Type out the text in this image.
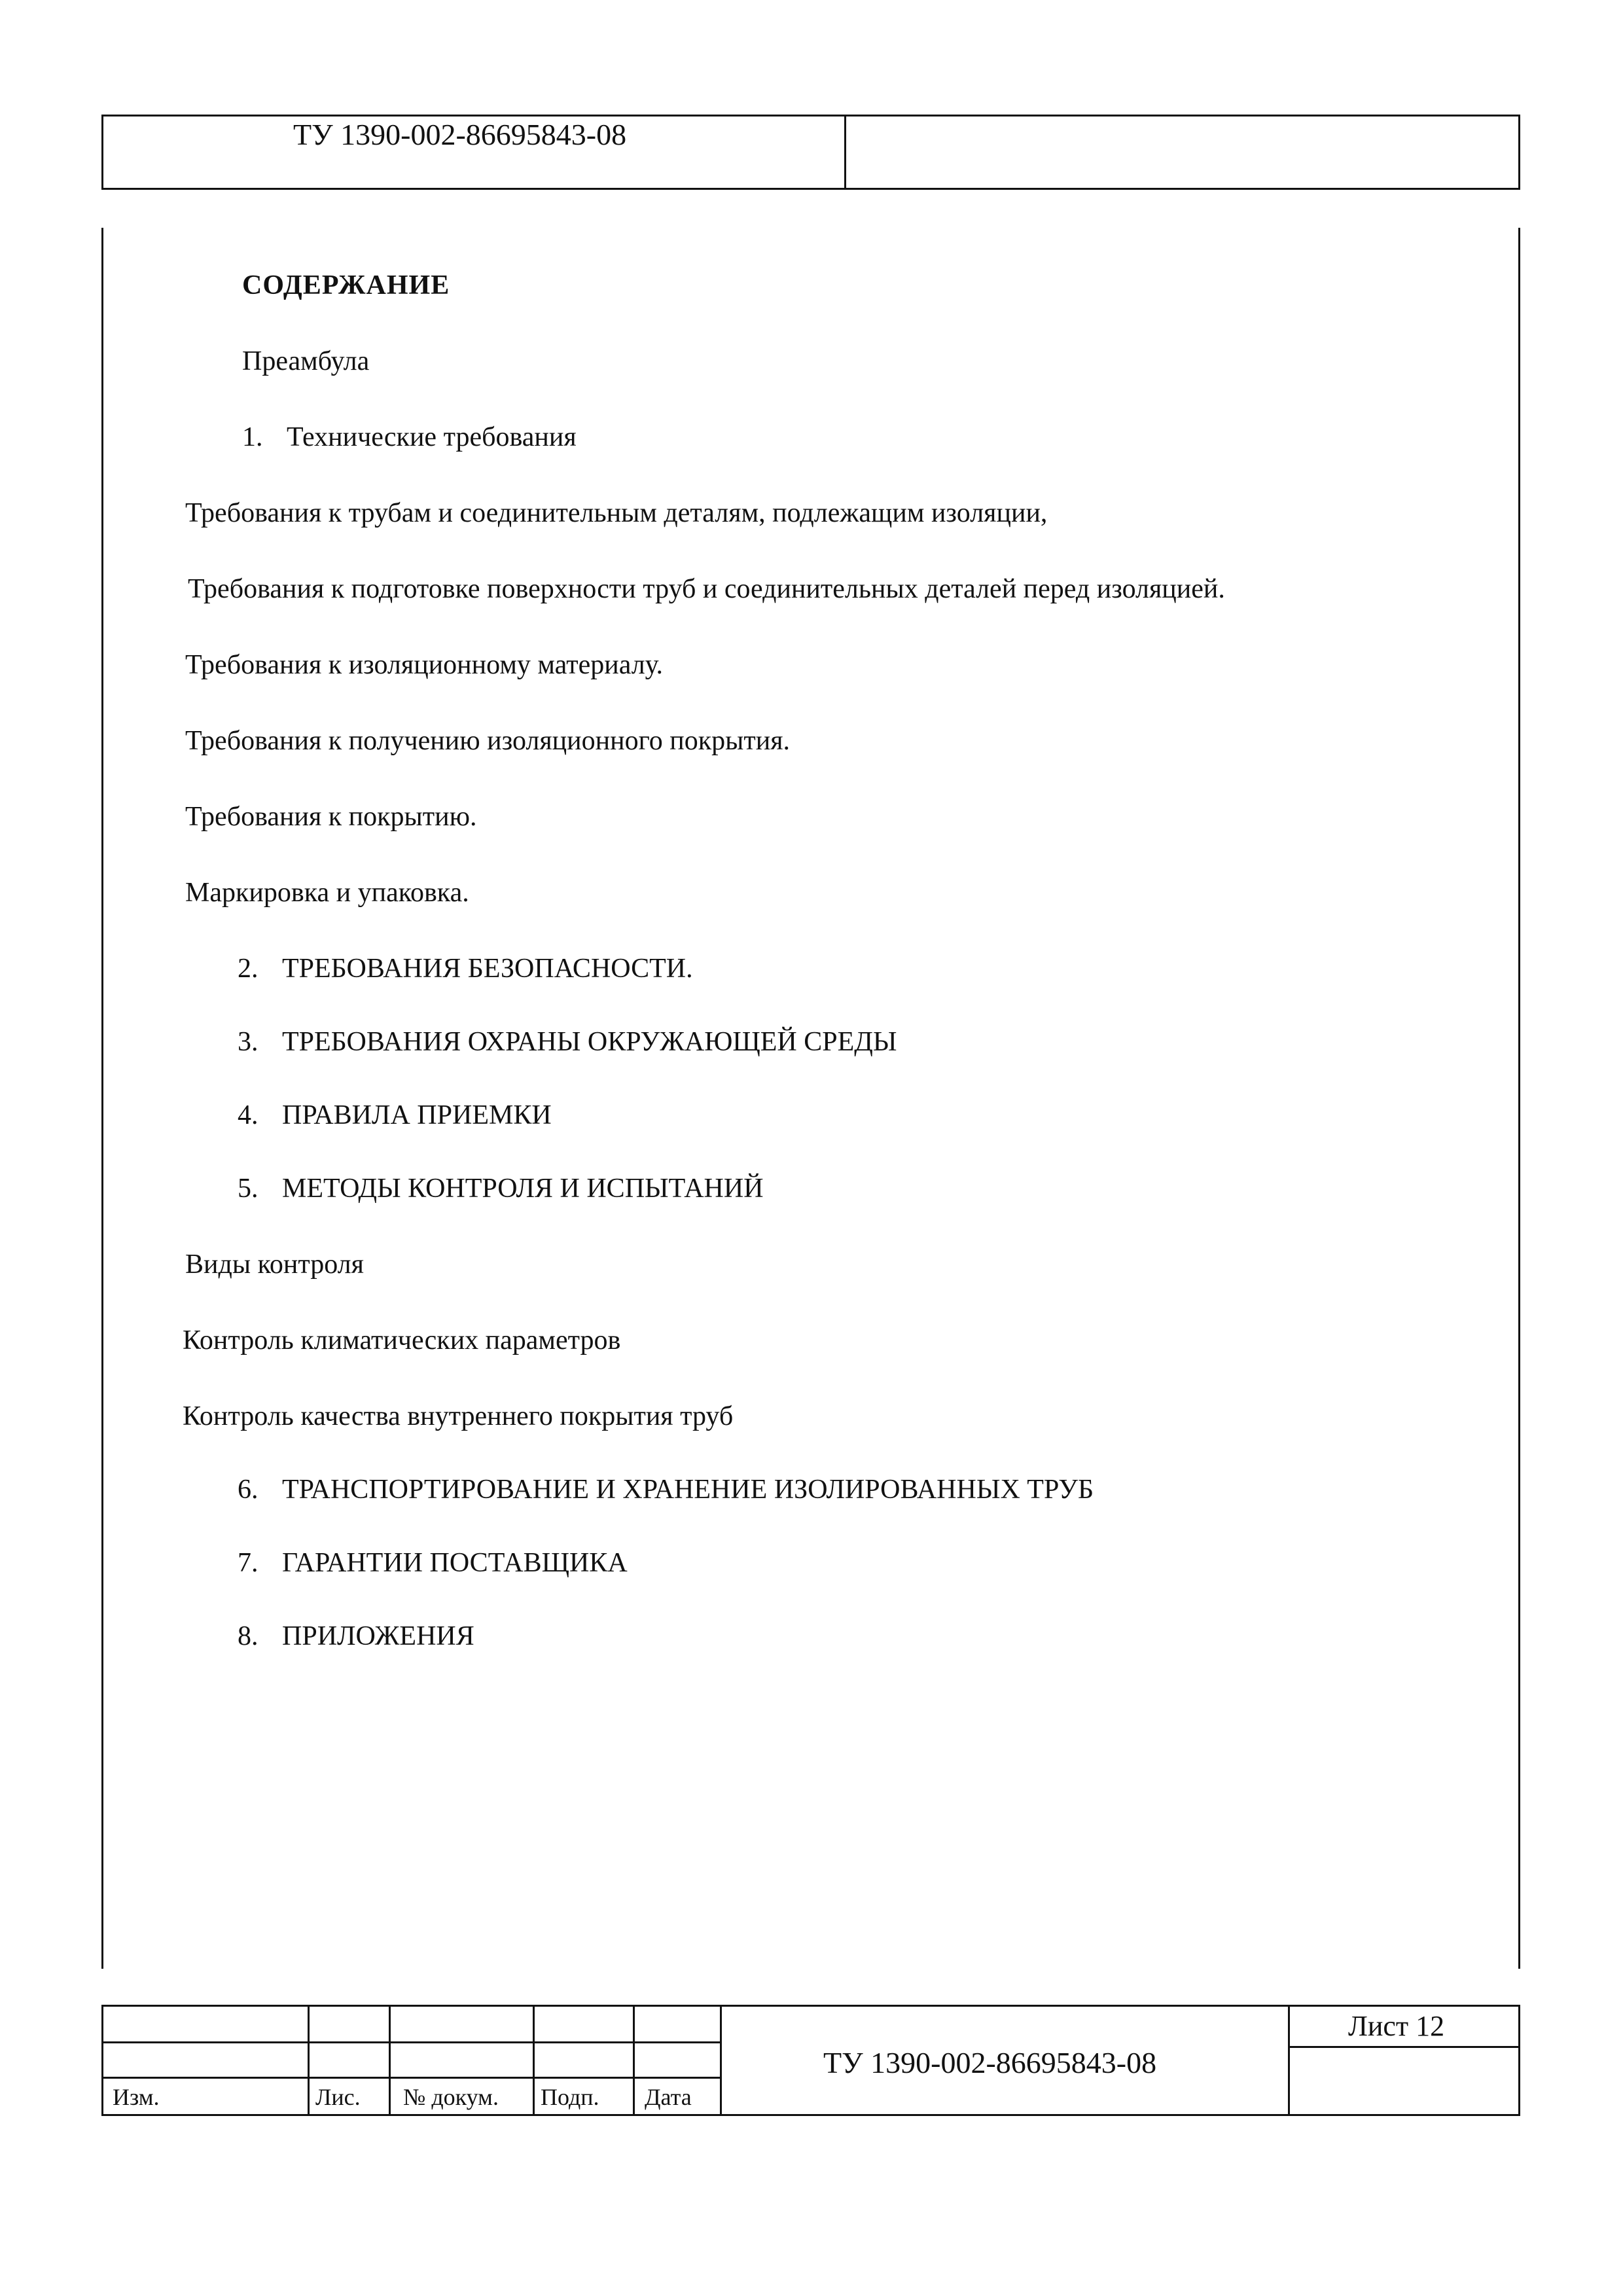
ТУ 1390-002-86695843-08
СОДЕРЖАНИЕ
Преамбула
1. Технические требования
Требования к трубам и соединительным деталям, подлежащим изоляции,
Требования к подготовке поверхности труб и соединительных деталей перед изоляцией.
Требования к изоляционному материалу.
Требования к получению изоляционного покрытия.
Требования к покрытию.
Маркировка и упаковка.
2. ТРЕБОВАНИЯ БЕЗОПАСНОСТИ.
3. ТРЕБОВАНИЯ ОХРАНЫ ОКРУЖАЮЩЕЙ СРЕДЫ
4. ПРАВИЛА ПРИЕМКИ
5. МЕТОДЫ КОНТРОЛЯ И ИСПЫТАНИЙ
Виды контроля
Контроль климатических параметров
Контроль качества внутреннего покрытия труб
6. ТРАНСПОРТИРОВАНИЕ И ХРАНЕНИЕ ИЗОЛИРОВАННЫХ ТРУБ
7. ГАРАНТИИ ПОСТАВЩИКА
8. ПРИЛОЖЕНИЯ
Изм.	Лис. № докум. Подп. Дата
ТУ 1390-002-86695843-08
Лист 12
